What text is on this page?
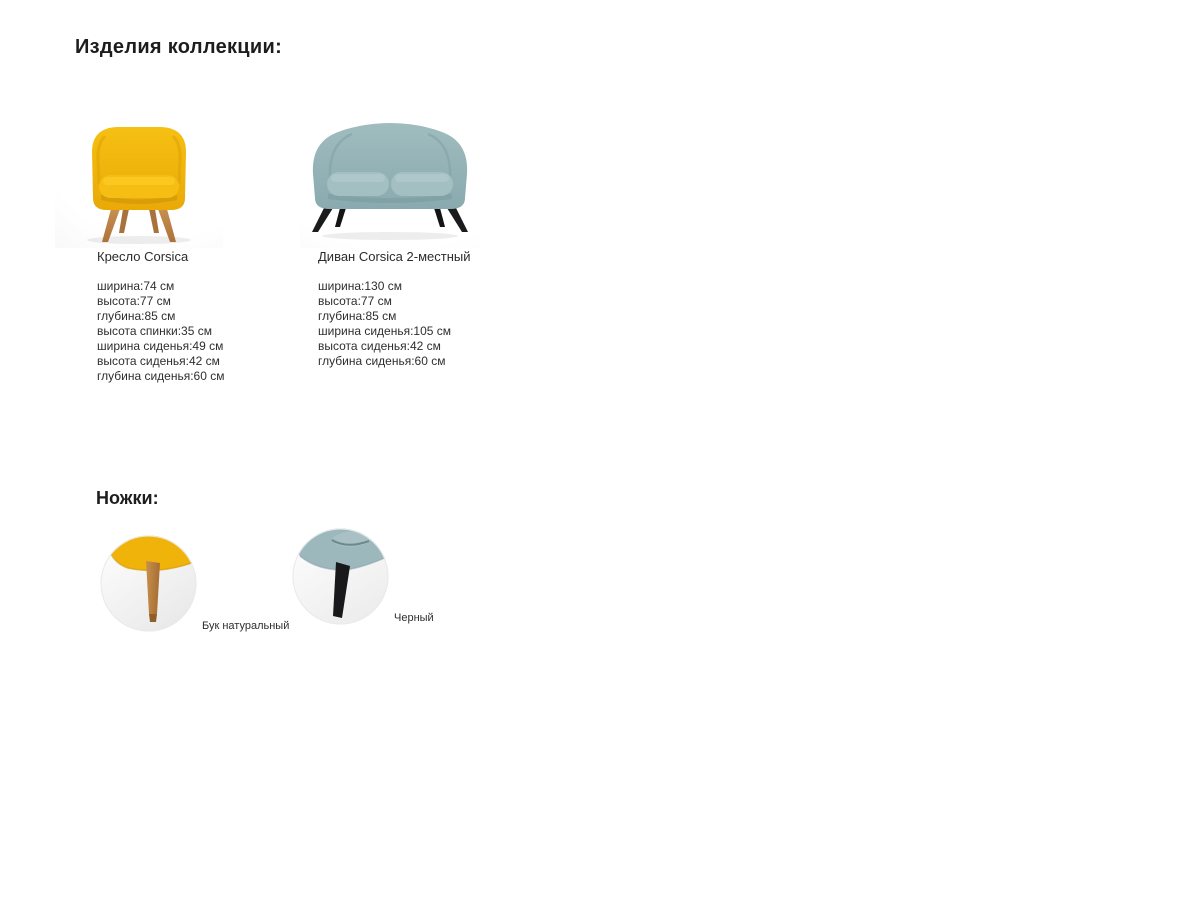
Изделия коллекции:
Кресло Corsica	Диван Corsica 2-местный
ширина:74 см
высота:77 см
глубина:85 см
высота спинки:35 см
ширина сиденья:49 см
высота сиденья:42 см
глубина сиденья:60 см
ширина:130 см
высота:77 см
глубина:85 см
ширина сиденья:105 см
высота сиденья:42 см
глубина сиденья:60 см
Ножки:
Бук натуральный
Черный
